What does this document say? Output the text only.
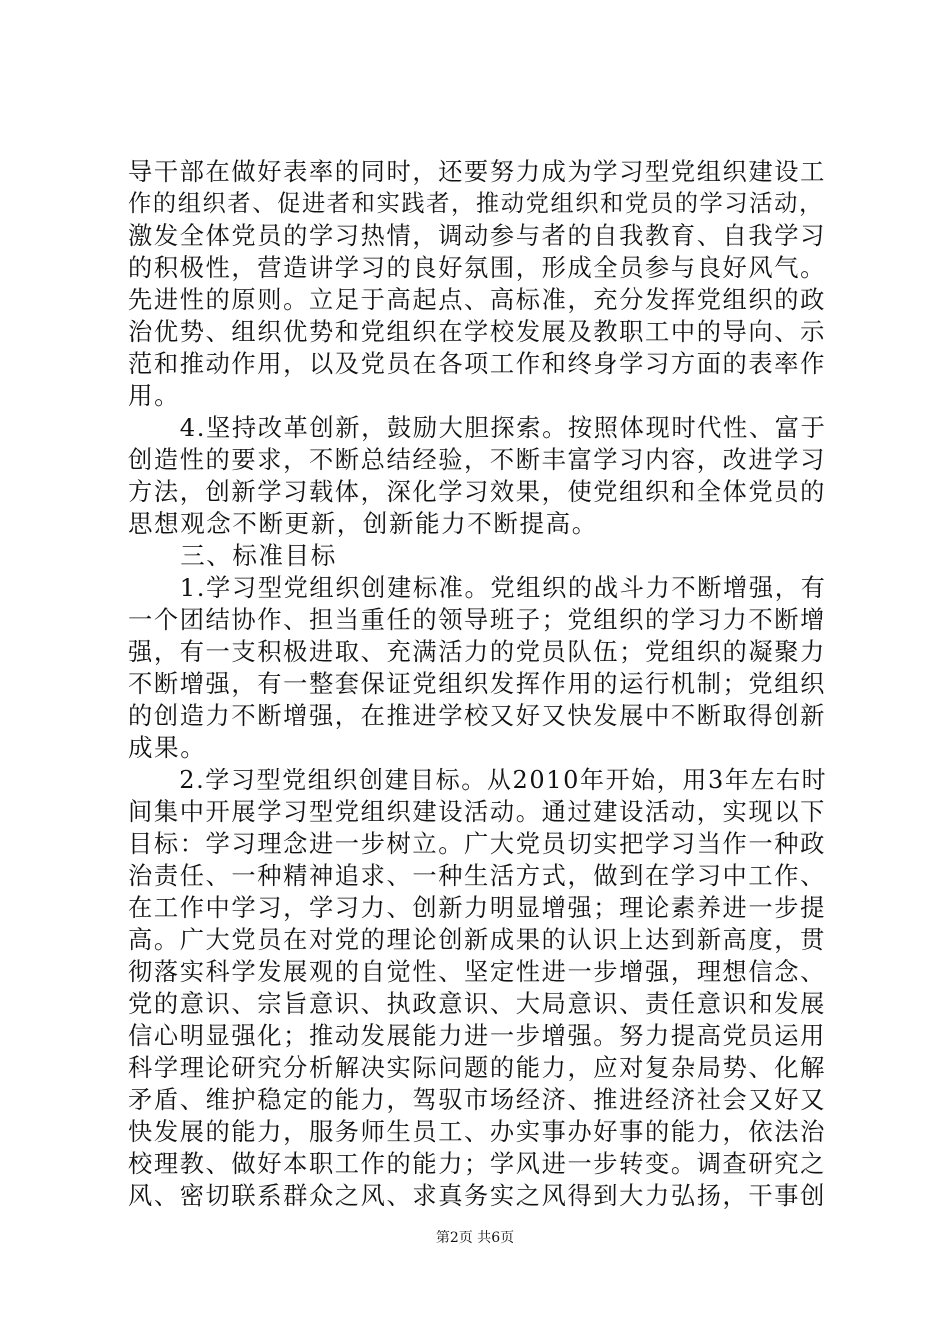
导干部在做好表率的同时，还要努力成为学习型党组织建设工
作的组织者、促进者和实践者，推动党组织和党员的学习活动，
激发全体党员的学习热情，调动参与者的自我教育、自我学习
的积极性，营造讲学习的良好氛围，形成全员参与良好风气。
先进性的原则。立足于高起点、高标准，充分发挥党组织的政
治优势、组织优势和党组织在学校发展及教职工中的导向、示
范和推动作用，以及党员在各项工作和终身学习方面的表率作
用。
　　4.坚持改革创新，鼓励大胆探索。按照体现时代性、富于
创造性的要求，不断总结经验，不断丰富学习内容，改进学习
方法，创新学习载体，深化学习效果，使党组织和全体党员的
思想观念不断更新，创新能力不断提高。
　　三、标准目标
　　1.学习型党组织创建标准。党组织的战斗力不断增强，有
一个团结协作、担当重任的领导班子；党组织的学习力不断增
强，有一支积极进取、充满活力的党员队伍；党组织的凝聚力
不断增强，有一整套保证党组织发挥作用的运行机制；党组织
的创造力不断增强，在推进学校又好又快发展中不断取得创新
成果。
　　2.学习型党组织创建目标。从2010年开始，用3年左右时
间集中开展学习型党组织建设活动。通过建设活动，实现以下
目标：学习理念进一步树立。广大党员切实把学习当作一种政
治责任、一种精神追求、一种生活方式，做到在学习中工作、
在工作中学习，学习力、创新力明显增强；理论素养进一步提
高。广大党员在对党的理论创新成果的认识上达到新高度，贯
彻落实科学发展观的自觉性、坚定性进一步增强，理想信念、
党的意识、宗旨意识、执政意识、大局意识、责任意识和发展
信心明显强化；推动发展能力进一步增强。努力提高党员运用
科学理论研究分析解决实际问题的能力，应对复杂局势、化解
矛盾、维护稳定的能力，驾驭市场经济、推进经济社会又好又
快发展的能力，服务师生员工、办实事办好事的能力，依法治
校理教、做好本职工作的能力；学风进一步转变。调查研究之
风、密切联系群众之风、求真务实之风得到大力弘扬，干事创
第2页 共6页
